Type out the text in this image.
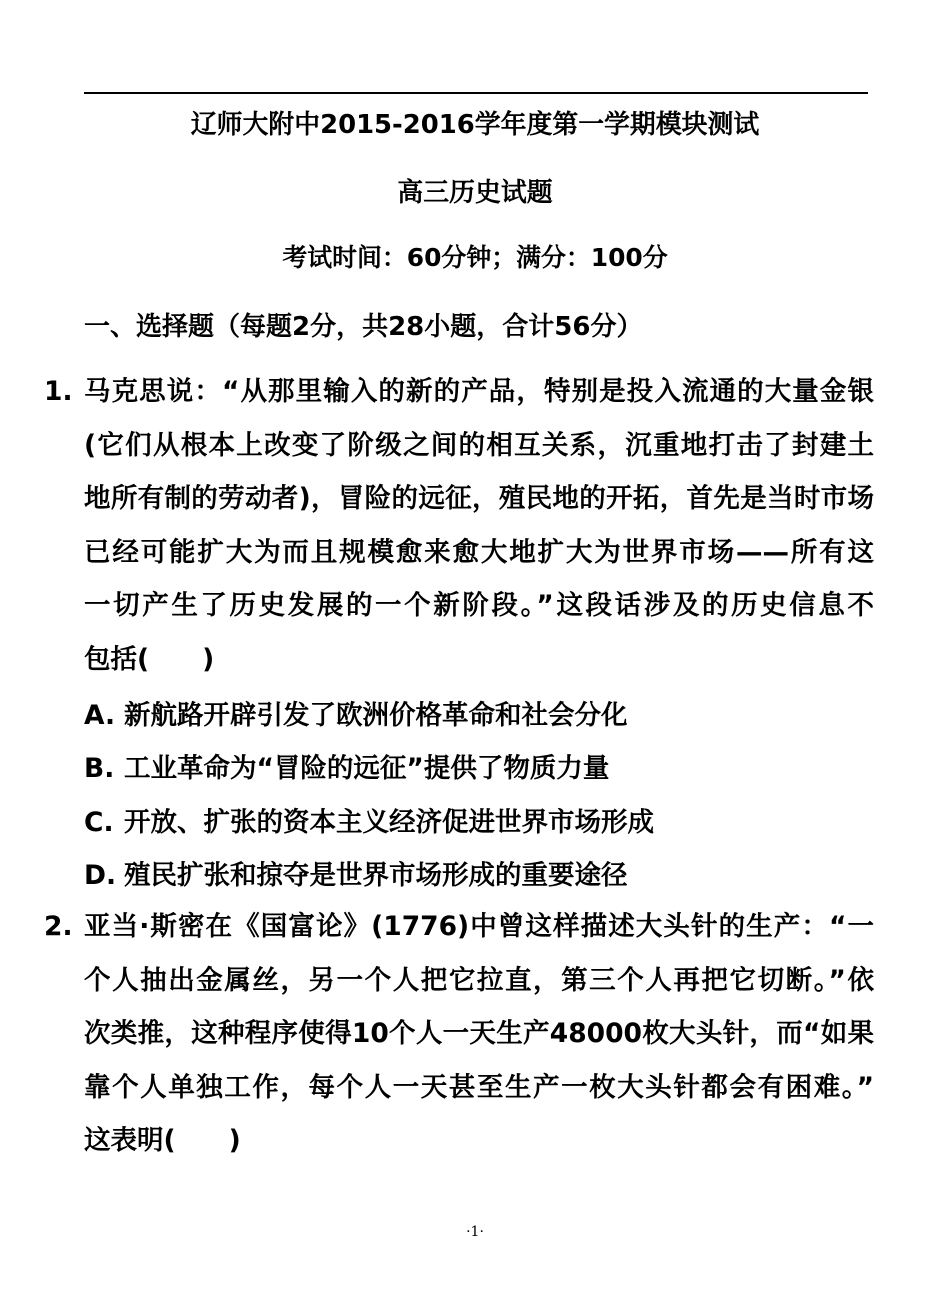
辽师大附中2015-2016学年度第一学期模块测试
高三历史试题
考试时间：60分钟；满分：100分
一、选择题（每题2分，共28小题，合计56分）
1. 马克思说：“从那里输入的新的产品，特别是投入流通的大量金银
(它们从根本上改变了阶级之间的相互关系，沉重地打击了封建土
地所有制的劳动者)，冒险的远征，殖民地的开拓，首先是当时市场
已经可能扩大为而且规模愈来愈大地扩大为世界市场——所有这
一切产生了历史发展的一个新阶段。”这段话涉及的历史信息不
包括(　　)
A. 新航路开辟引发了欧洲价格革命和社会分化
B. 工业革命为“冒险的远征”提供了物质力量
C. 开放、扩张的资本主义经济促进世界市场形成
D. 殖民扩张和掠夺是世界市场形成的重要途径
2. 亚当·斯密在《国富论》(1776)中曾这样描述大头针的生产：“一
个人抽出金属丝，另一个人把它拉直，第三个人再把它切断。”依
次类推，这种程序使得10个人一天生产48000枚大头针，而“如果
靠个人单独工作，每个人一天甚至生产一枚大头针都会有困难。”
这表明(　　)
·1·
